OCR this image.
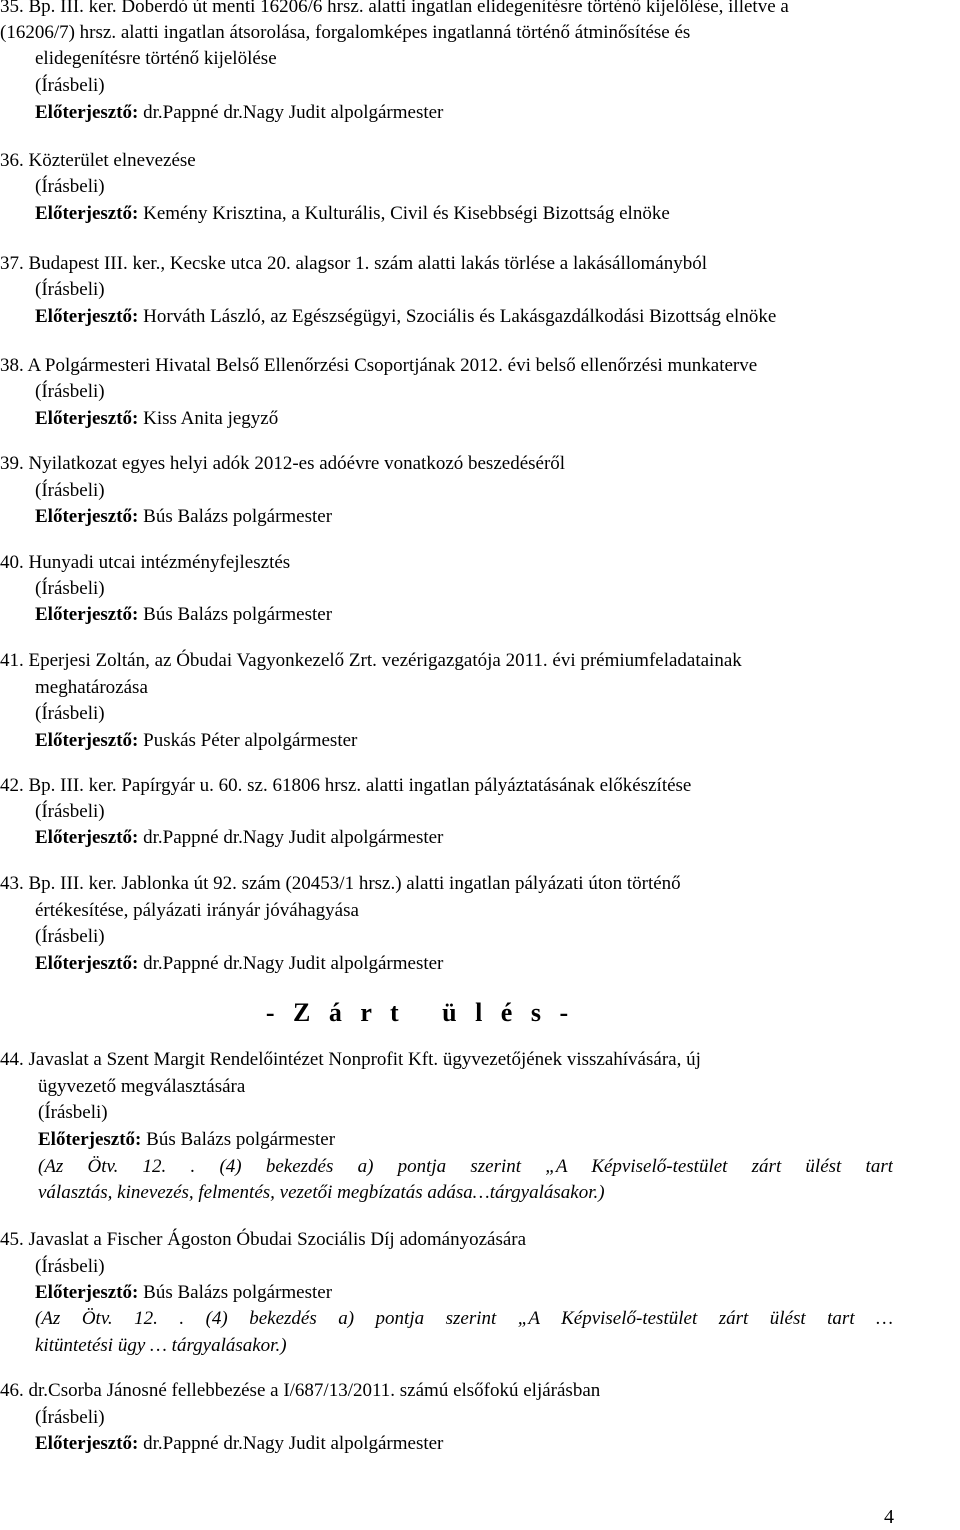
35. Bp. III. ker. Doberdó út menti 16206/6 hrsz. alatti ingatlan elidegenítésre történő kijelölése, illetve a
(16206/7) hrsz. alatti ingatlan átsorolása, forgalomképes ingatlanná történő átminősítése és
elidegenítésre történő kijelölése
(Írásbeli)
Előterjesztő: dr.Pappné dr.Nagy Judit alpolgármester
36. Közterület elnevezése
(Írásbeli)
Előterjesztő: Kemény Krisztina, a Kulturális, Civil és Kisebbségi Bizottság elnöke
37. Budapest III. ker., Kecske utca 20. alagsor 1. szám alatti lakás törlése a lakásállományból
(Írásbeli)
Előterjesztő: Horváth László, az Egészségügyi, Szociális és Lakásgazdálkodási Bizottság elnöke
38. A Polgármesteri Hivatal Belső Ellenőrzési Csoportjának 2012. évi belső ellenőrzési munkaterve
(Írásbeli)
Előterjesztő: Kiss Anita jegyző
39. Nyilatkozat egyes helyi adók 2012-es adóévre vonatkozó beszedéséről
(Írásbeli)
Előterjesztő: Bús Balázs polgármester
40. Hunyadi utcai intézményfejlesztés
(Írásbeli)
Előterjesztő: Bús Balázs polgármester
41. Eperjesi Zoltán, az Óbudai Vagyonkezelő Zrt. vezérigazgatója 2011. évi prémiumfeladatainak
meghatározása
(Írásbeli)
Előterjesztő: Puskás Péter alpolgármester
42. Bp. III. ker. Papírgyár u. 60. sz. 61806 hrsz. alatti ingatlan pályáztatásának előkészítése
(Írásbeli)
Előterjesztő: dr.Pappné dr.Nagy Judit alpolgármester
43. Bp. III. ker. Jablonka út 92. szám (20453/1 hrsz.) alatti ingatlan pályázati úton történő
értékesítése, pályázati irányár jóváhagyása
(Írásbeli)
Előterjesztő: dr.Pappné dr.Nagy Judit alpolgármester
- Z á r t   ü l é s -
44. Javaslat a Szent Margit Rendelőintézet Nonprofit Kft. ügyvezetőjének visszahívására, új
ügyvezető megválasztására
(Írásbeli)
Előterjesztő: Bús Balázs polgármester
(Az Ötv. 12. . (4) bekezdés a) pontja szerint „A Képviselő-testület zárt ülést tart
választás, kinevezés, felmentés, vezetői megbízatás adása…tárgyalásakor.)
45. Javaslat a Fischer Ágoston Óbudai Szociális Díj adományozására
(Írásbeli)
Előterjesztő: Bús Balázs polgármester
(Az Ötv. 12. . (4) bekezdés a) pontja szerint „A Képviselő-testület zárt ülést tart …
kitüntetési ügy … tárgyalásakor.)
46. dr.Csorba Jánosné fellebbezése a I/687/13/2011. számú elsőfokú eljárásban
(Írásbeli)
Előterjesztő: dr.Pappné dr.Nagy Judit alpolgármester
4
